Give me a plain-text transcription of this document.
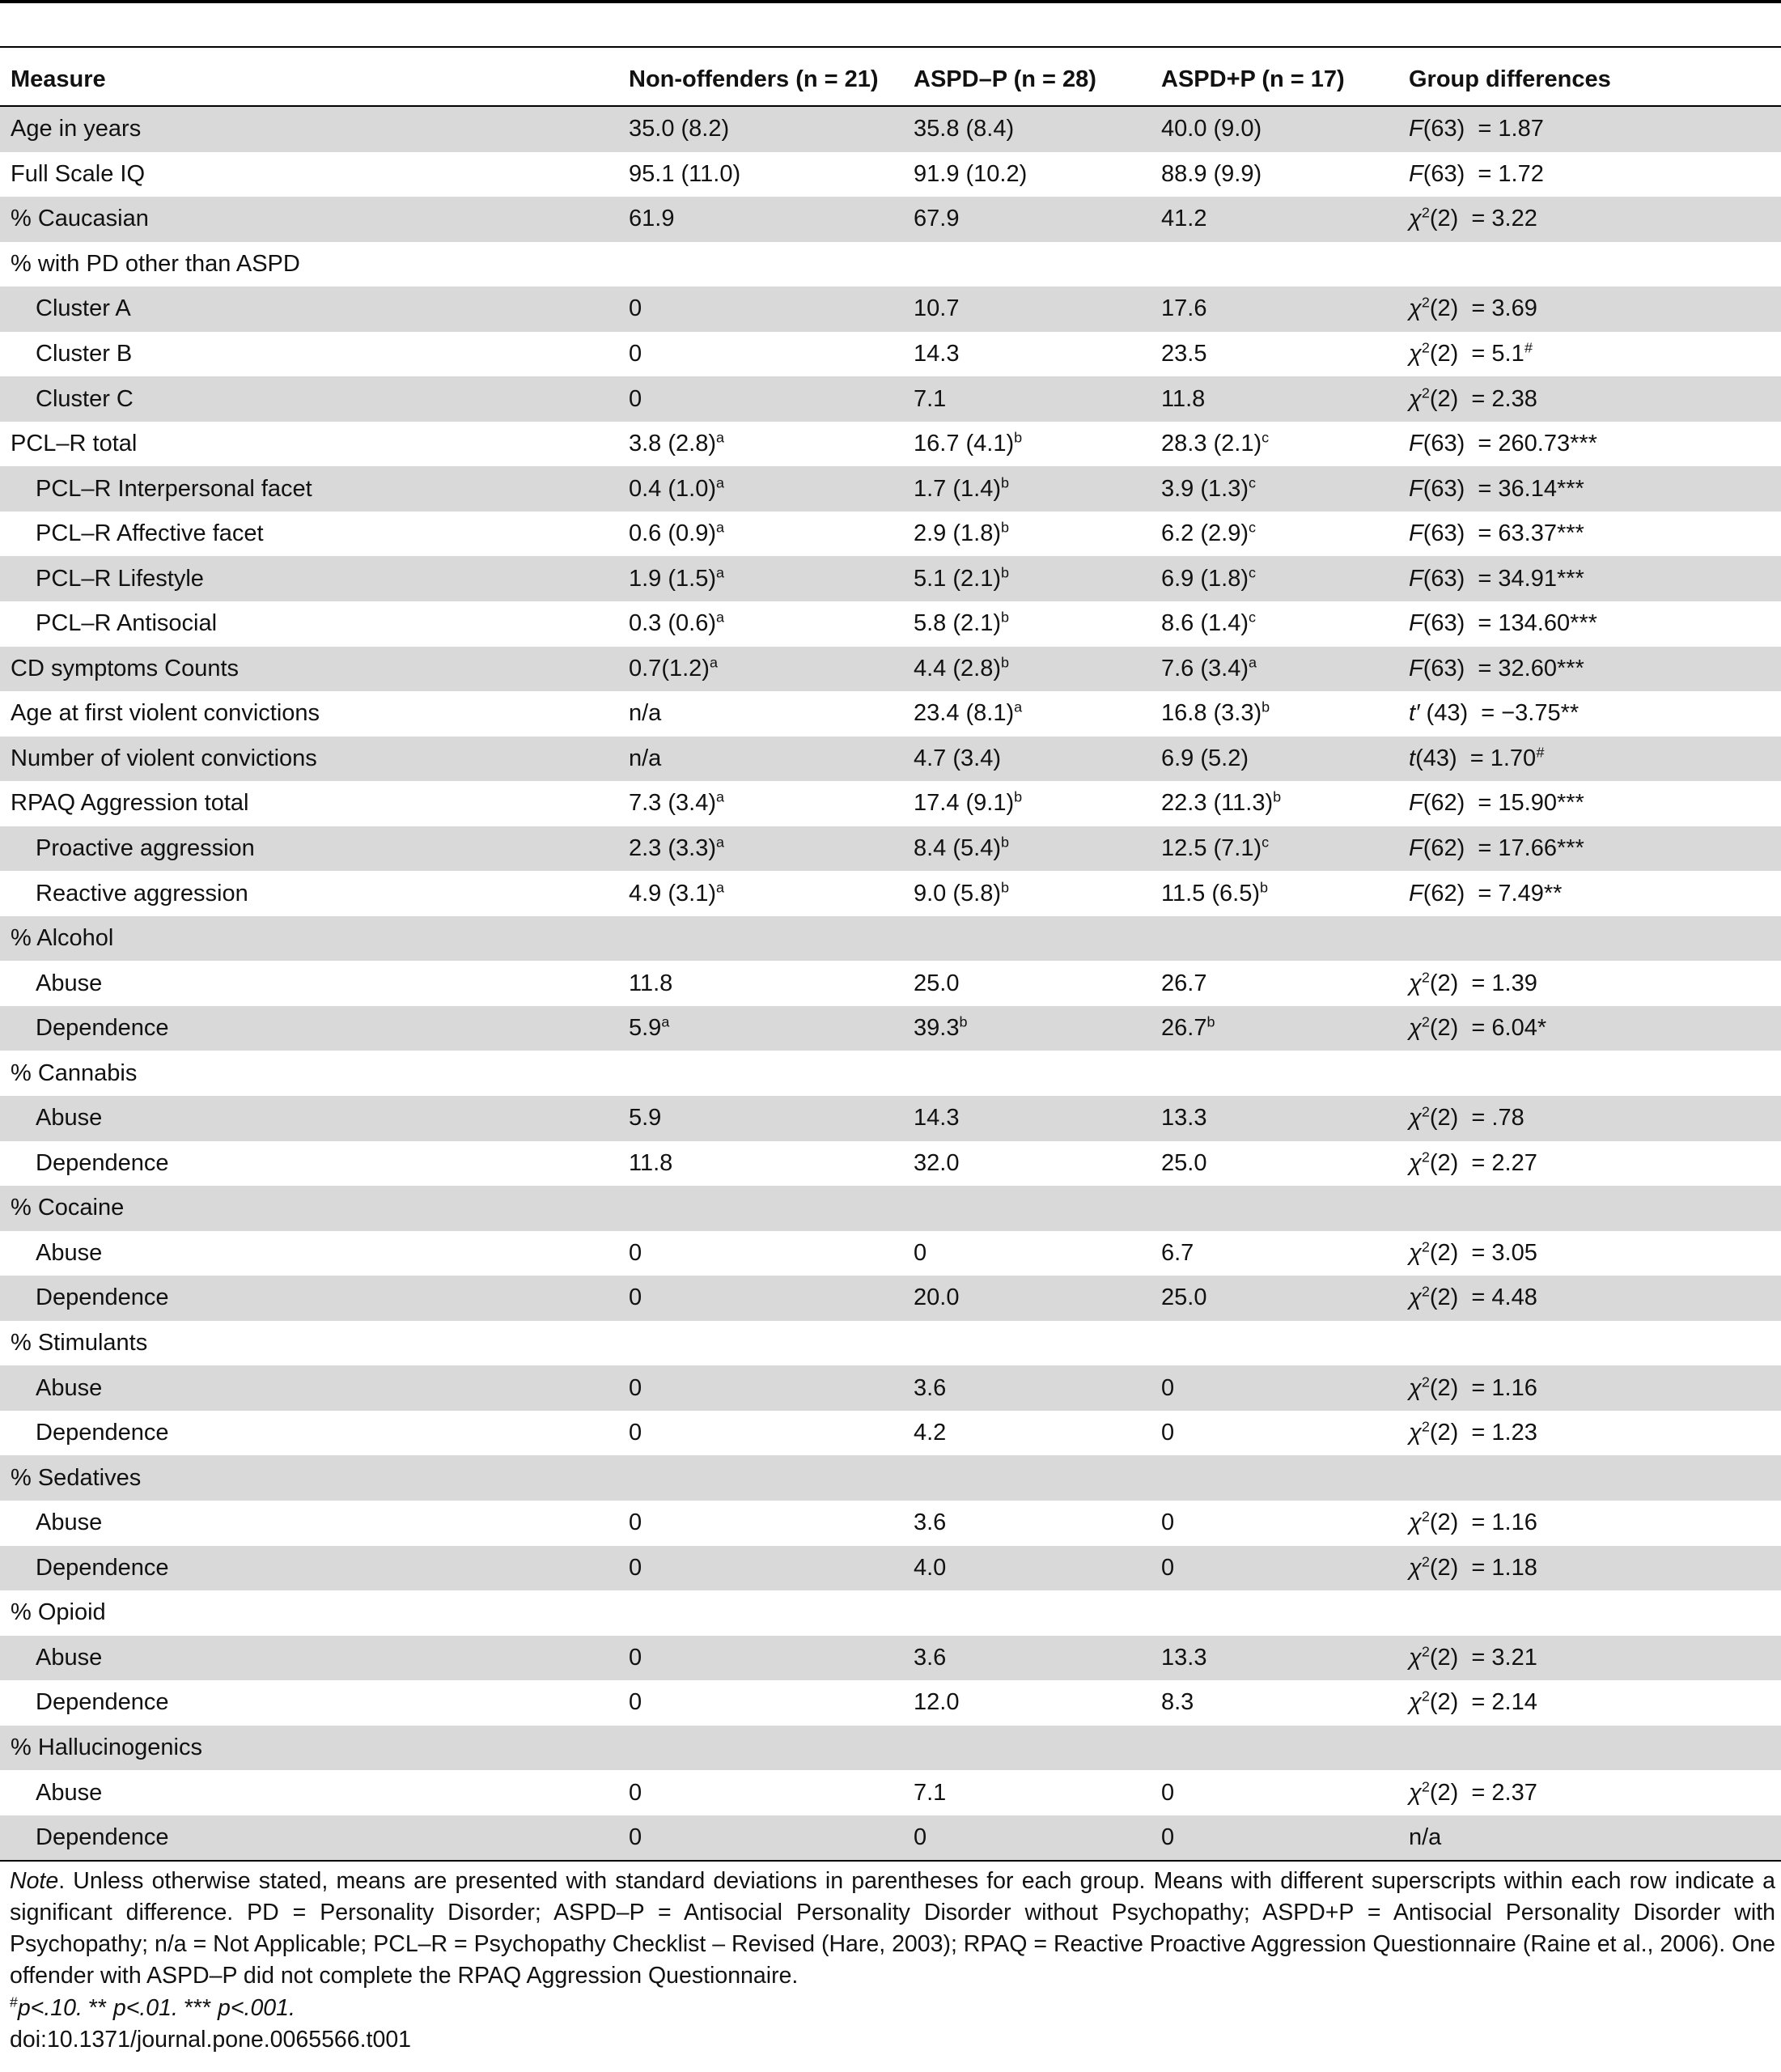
Measure	Non-offenders (n = 21)	ASPD–P (n = 28)	ASPD+P (n = 17)	Group differences
Age in years	35.0 (8.2)	35.8 (8.4)	40.0 (9.0)	F(63)  = 1.87
Full Scale IQ	95.1 (11.0)	91.9 (10.2)	88.9 (9.9)	F(63)  = 1.72
% Caucasian	61.9	67.9	41.2	$\chi^2(2) = 3.22$
% with PD other than ASPD				
Cluster A	0	10.7	17.6	$\chi^2(2) = 3.69$
Cluster B	0	14.3	23.5	$\chi^2(2) = 5.1^{\#}$
Cluster C	0	7.1	11.8	$\chi^2(2) = 2.38$
PCL–R total	3.8 $(2.8)^a$	16.7 $(4.1)^b$	28.3 $(2.1)^c$	F(63)  = 260.73***
PCL–R Interpersonal facet	0.4 $(1.0)^a$	1.7 $(1.4)^b$	3.9 $(1.3)^c$	F(63)  = 36.14***
PCL–R Affective facet	0.6 $(0.9)^a$	2.9 $(1.8)^b$	6.2 $(2.9)^c$	F(63)  = 63.37***
PCL–R Lifestyle	1.9 $(1.5)^a$	5.1 $(2.1)^b$	6.9 $(1.8)^c$	F(63)  = 34.91***
PCL–R Antisocial	0.3 $(0.6)^a$	5.8 $(2.1)^b$	8.6 $(1.4)^c$	F(63)  = 134.60***
CD symptoms Counts	$0.7(1.2)^a$	4.4 $(2.8)^b$	7.6 $(3.4)^a$	F(63)  = 32.60***
Age at first violent convictions	n/a	23.4 $(8.1)^a$	16.8 $(3.3)^b$	t′ (43)  = −3.75**
Number of violent convictions	n/a	4.7 (3.4)	6.9 (5.2)	t(43)  = 1.70#
RPAQ Aggression total	7.3 $(3.4)^a$	17.4 $(9.1)^b$	22.3 $(11.3)^b$	F(62)  = 15.90***
Proactive aggression	2.3 $(3.3)^a$	8.4 $(5.4)^b$	12.5 $(7.1)^c$	F(62)  = 17.66***
Reactive aggression	4.9 $(3.1)^a$	9.0 $(5.8)^b$	11.5 $(6.5)^b$	F(62)  = 7.49**
% Alcohol				
Abuse	11.8	25.0	26.7	$\chi^2(2) = 1.39$
Dependence	5.9$^a$	39.3$^b$	26.7$^b$	$\chi^2(2) = 6.04*$
% Cannabis				
Abuse	5.9	14.3	13.3	$\chi^2(2) = .78$
Dependence	11.8	32.0	25.0	$\chi^2(2) = 2.27$
% Cocaine				
Abuse	0	0	6.7	$\chi^2(2) = 3.05$
Dependence	0	20.0	25.0	$\chi^2(2) = 4.48$
% Stimulants				
Abuse	0	3.6	0	$\chi^2(2) = 1.16$
Dependence	0	4.2	0	$\chi^2(2) = 1.23$
% Sedatives				
Abuse	0	3.6	0	$\chi^2(2) = 1.16$
Dependence	0	4.0	0	$\chi^2(2) = 1.18$
% Opioid				
Abuse	0	3.6	13.3	$\chi^2(2) = 3.21$
Dependence	0	12.0	8.3	$\chi^2(2) = 2.14$
% Hallucinogenics				
Abuse	0	7.1	0	$\chi^2(2) = 2.37$
Dependence	0	0	0	n/a

Note. Unless otherwise stated, means are presented with standard deviations in parentheses for each group. Means with different superscripts within each row indicate a significant difference. PD = Personality Disorder; ASPD–P = Antisocial Personality Disorder without Psychopathy; ASPD+P = Antisocial Personality Disorder with Psychopathy; n/a = Not Applicable; PCL–R = Psychopathy Checklist – Revised (Hare, 2003); RPAQ = Reactive Proactive Aggression Questionnaire (Raine et al., 2006). One offender with ASPD–P did not complete the RPAQ Aggression Questionnaire.

#p<.10. ** p<.01. *** p<.001.
doi:10.1371/journal.pone.0065566.t001
